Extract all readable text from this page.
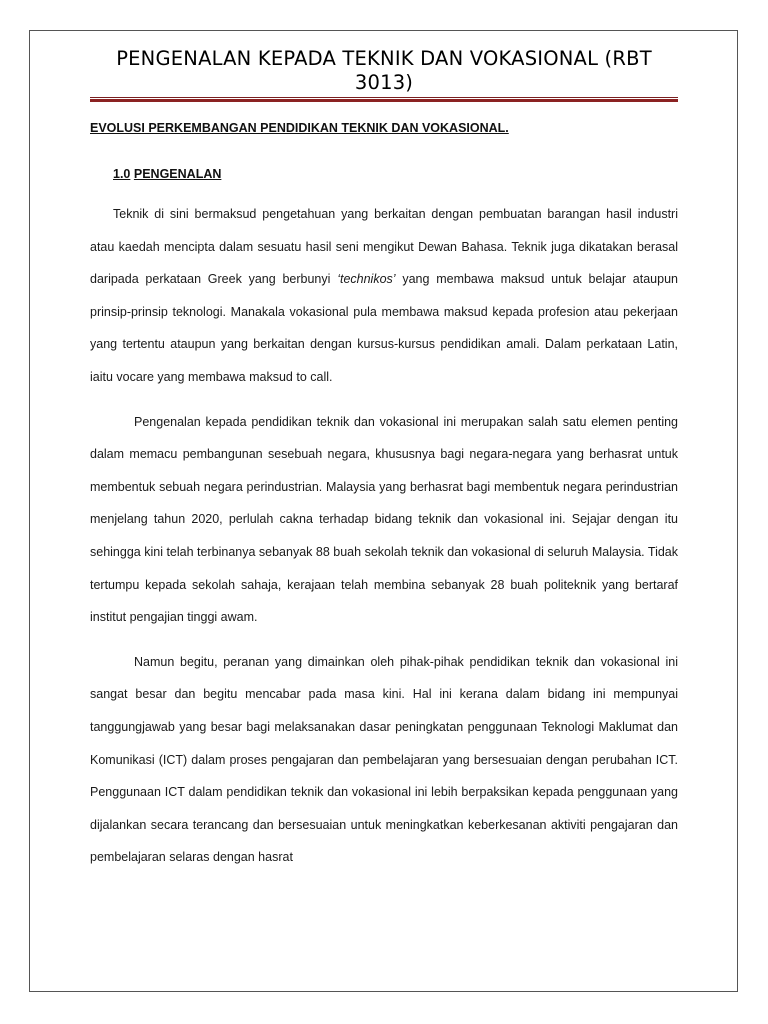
PENGENALAN KEPADA TEKNIK DAN VOKASIONAL (RBT 3013)
EVOLUSI PERKEMBANGAN PENDIDIKAN TEKNIK DAN VOKASIONAL.
1.0 PENGENALAN

Teknik di sini bermaksud pengetahuan yang berkaitan dengan pembuatan barangan hasil industri atau kaedah mencipta dalam sesuatu hasil seni mengikut Dewan Bahasa. Teknik juga dikatakan berasal daripada perkataan Greek yang berbunyi ‘technikos’ yang membawa maksud untuk belajar ataupun prinsip-prinsip teknologi. Manakala vokasional pula membawa maksud kepada profesion atau pekerjaan yang tertentu ataupun yang berkaitan dengan kursus-kursus pendidikan amali. Dalam perkataan Latin, iaitu vocare yang membawa maksud to call.

Pengenalan kepada pendidikan teknik dan vokasional ini merupakan salah satu elemen penting dalam memacu pembangunan sesebuah negara, khususnya bagi negara-negara yang berhasrat untuk membentuk sebuah negara perindustrian. Malaysia yang berhasrat bagi membentuk negara perindustrian menjelang tahun 2020, perlulah cakna terhadap bidang teknik dan vokasional ini. Sejajar dengan itu sehingga kini telah terbinanya sebanyak 88 buah sekolah teknik dan vokasional di seluruh Malaysia. Tidak tertumpu kepada sekolah sahaja, kerajaan telah membina sebanyak 28 buah politeknik yang bertaraf institut pengajian tinggi awam.

Namun begitu, peranan yang dimainkan oleh pihak-pihak pendidikan teknik dan vokasional ini sangat besar dan begitu mencabar pada masa kini. Hal ini kerana dalam bidang ini mempunyai tanggungjawab yang besar bagi melaksanakan dasar peningkatan penggunaan Teknologi Maklumat dan Komunikasi (ICT) dalam proses pengajaran dan pembelajaran yang bersesuaian dengan perubahan ICT. Penggunaan ICT dalam pendidikan teknik dan vokasional ini lebih berpaksikan kepada penggunaan yang dijalankan secara terancang dan bersesuaian untuk meningkatkan keberkesanan aktiviti pengajaran dan pembelajaran selaras dengan hasrat
